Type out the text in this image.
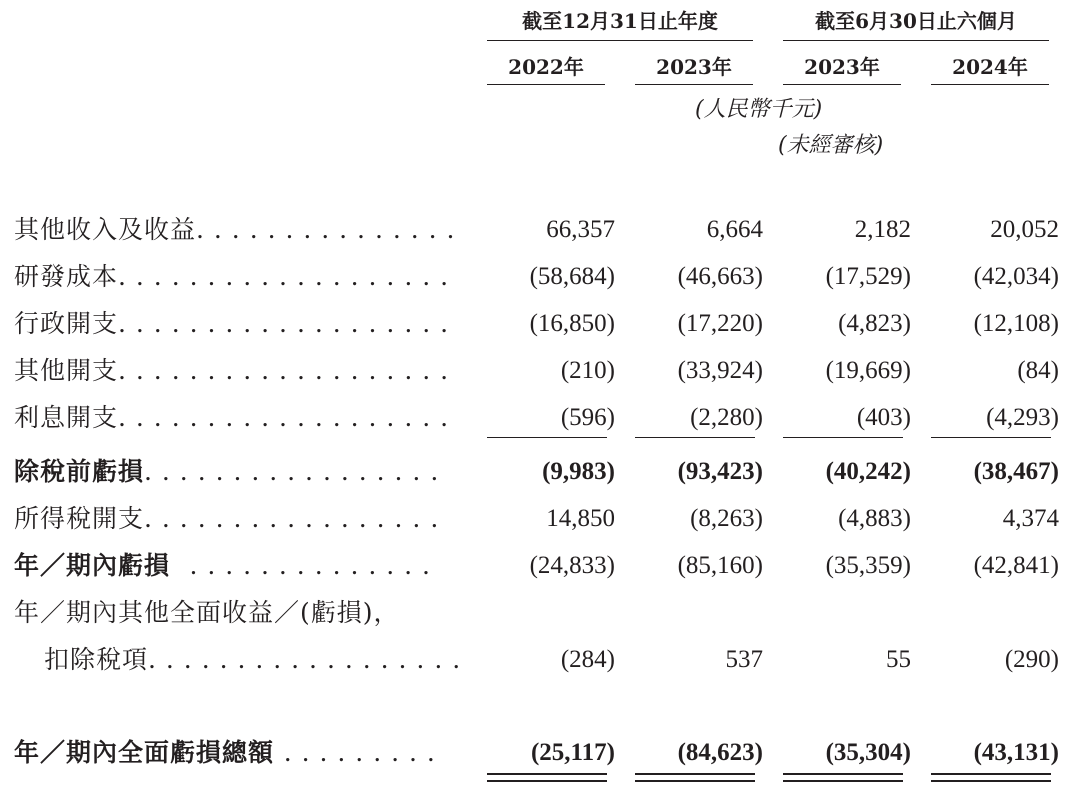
截至12月31日止年度	截至6月30日止六個月
2022年	2023年	2023年	2024年
(人民幣千元)
(未經審核)
其他收入及收益. . . . . . . . . . . . . . .	66,357	6,664	2,182	20,052
研發成本. . . . . . . . . . . . . . . . . . .	(58,684)	(46,663)	(17,529)	(42,034)
行政開支. . . . . . . . . . . . . . . . . . .	(16,850)	(17,220)	(4,823)	(12,108)
其他開支. . . . . . . . . . . . . . . . . . .	(210)	(33,924)	(19,669)	(84)
利息開支. . . . . . . . . . . . . . . . . . .	(596)	(2,280)	(403)	(4,293)
除稅前虧損. . . . . . . . . . . . . . . . .	(9,983)	(93,423)	(40,242)	(38,467)
所得稅開支. . . . . . . . . . . . . . . . .	14,850	(8,263)	(4,883)	4,374
年／期內虧損 . . . . . . . . . . . . . .	(24,833)	(85,160)	(35,359)	(42,841)
年／期內其他全面收益／(虧損)，
扣除稅項. . . . . . . . . . . . . . . . . .	(284)	537	55	(290)
年／期內全面虧損總額 . . . . . . . . .	(25,117)	(84,623)	(35,304)	(43,131)
